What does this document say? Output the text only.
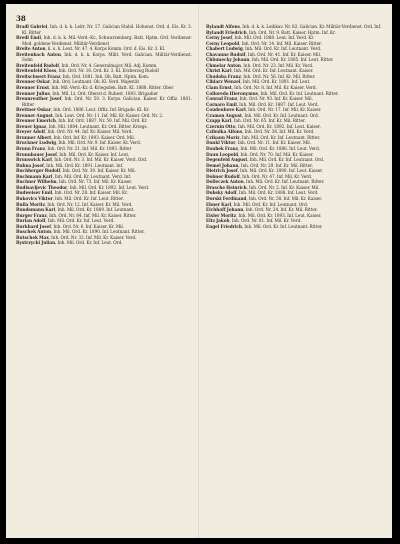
38

Bradl Gabriel, Inh. d. k. k. Leitr. Nr. 17. Galician Stabil. Hohenst. Ord. d. Eis. Kr. 3. Kl. Ritter

Bredl Emil, Inh. d. k. k. Mil.-Verd.-Kr., Schwarzenberg. Batt. Hptm. Ord. Verdienst-Med. goldene Verdienst. Militär-Verdienst

Breite Anton, k. u. k. Leut. Nr. 47. 4. Korps Komm. Ord. d. Eis. Kr. 3. Kl.

Breitenbach Anton, Inh. d. k. k. Korps. Milit. Verd. Galician. Militär-Verdienst. Sohn

Breitenfeld Rudolf, Inh. Ord. Nr. 4. Generalmajor. Mil. Adj. Komm.

Breitenfeld Kloss, Inh. Ord. Nr. 16. Ord. Kr. 3. Kl. Erzherzog Rudolf

Breitschwert Franz, Inh. Ord. 1881. Inh. Ob. Batt. Hptm. Kom.

Brenner Oskar, Inh. Ord. Leutnant. Ob. Kl. Verd. Majestät

Brenner Ernst, Inh. Mil.-Verd.-Kr. d. Kriegsdek. Batt. Kl. 1888. Ritter. Ober

Brenner Julius, Inh. Mil. Lt. Ord. Oberst d. Ruhest. 1893. Brigadier

Brennreuther Josef, Inh. Ord. Nr. 50. 3. Korps. Galician. Kaiser. Kr. Offiz. 1881. Ritter

Brettner Oskar, Inh. Ord. 1886. Leut. Offiz. Inf. Brigade. Kl. Kr.

Brenner August, Inh. Leut. Ord. Nr. 11. Inf. Mil. Kr. Kaiser. Ord. Nr. 2.

Breuner Emerich, Inh. Inf. Ord. 1887. Nr. 59. Inf. Mil. Ord. Kr.

Breuer Ignaz, Inh. Mil. 1884. Leutnant. Kr. Ord. Ritter. Kriegs.

Breyer Adolf, Inh. Ord. Nr. 44. Inf. Kr. Kaiser. Mil. Verd.

Brunner Albert, Inh. Ord. Inf. Kr. 1893. Kaiser. Ord. Mil.

Bruckner Ludwig, Inh. Mil. Ord. Nr. 9. Inf. Kaiser. Kr. Verd.

Brunn Franz, Inh. Ord. Nr. 21. Inf. Mil. Kr. 1893. Ritter

Brunnbauer Josef, Inh. Mil. Ord. Kr. Kaiser. Inf. Leut.

Brunswick Karl, Inh. Ord. Nr. 3. Inf. Mil. Kr. Kaiser. Verd. Ord.

Bubna Josef, Inh. Mil. Ord. Kr. 1891. Leutnant. Inf.

Buchberger Rudolf, Inh. Ord. Nr. 39. Inf. Kaiser. Kr. Mil.

Buchmann Karl, Inh. Mil. Ord. Kr. Leutnant. Verd. Inf.

Buchner Wilhelm, Inh. Ord. Nr. 73. Inf. Mil. Kr. Kaiser.

Budisavljevic Theodor, Inh. Mil. Ord. Kr. 1892. Inf. Leut. Verd.

Budweiser Emil, Inh. Ord. Nr. 28. Inf. Kaiser. Mil. Kr.

Bukovics Viktor, Inh. Mil. Ord. Kr. Inf. Leut. Ritter.

Bulla Moritz, Inh. Ord. Nr. 12. Inf. Kaiser. Kr. Mil. Verd.

Bundsmann Karl, Inh. Mil. Ord. Kr. 1889. Inf. Leutnant.

Burger Franz, Inh. Ord. Nr. 84. Inf. Mil. Kr. Kaiser. Ritter.

Burian Adolf, Inh. Mil. Ord. Kr. Inf. Leut. Verd.

Burkhard Josef, Inh. Ord. Nr. 6. Inf. Kaiser. Kr. Mil.

Buschek Anton, Inh. Mil. Ord. Kr. 1890. Inf. Leutnant. Ritter.

Butschek Max, Inh. Ord. Nr. 33. Inf. Mil. Kr. Kaiser. Verd.

Bystrzycki Julian, Inh. Mil. Ord. Kr. Inf. Leut. Ord.

Bylandt Alfons, Inh. d. k. k. Leibkav. Nr. 82. Galician. Kr. Militär-Verdienst. Ord. Inf.

Bylandt Friedrich, Inh. Ord. Nr. 9. Batt. Kaiser. Hptm. Inf. Kr.

Cerny Josef, Inh. Mil. Ord. 1888. Leut. Inf. Verd. Kr.

Cerny Leopold, Inh. Ord. Nr. 14. Inf. Mil. Kaiser. Ritter.

Chabert Ludwig, Inh. Mil. Ord. Kr. Inf. Leutnant. Verd.

Chavanne Rudolf, Inh. Ord. Nr. 41. Inf. Kr. Kaiser. Mil.

Chlumecky Johann, Inh. Mil. Ord. Kr. 1885. Inf. Leut. Ritter.

Chmelar Anton, Inh. Ord. Nr. 23. Inf. Mil. Kr. Verd.

Christ Karl, Inh. Mil. Ord. Kr. Inf. Leutnant. Kaiser.

Chudoba Franz, Inh. Ord. Nr. 56. Inf. Kr. Mil. Ritter.

Cihlarz Wenzel, Inh. Mil. Ord. Kr. 1891. Inf. Leut.

Clam Ernst, Inh. Ord. Nr. 8. Inf. Mil. Kr. Kaiser. Verd.

Colloredo Hieronymus, Inh. Mil. Ord. Kr. Inf. Leutnant. Ritter.

Conrad Franz, Inh. Ord. Nr. 93. Inf. Kr. Kaiser. Mil.

Cornaro Emil, Inh. Mil. Ord. Kr. 1887. Inf. Leut. Verd.

Coudenhove Karl, Inh. Ord. Nr. 17. Inf. Mil. Kr. Kaiser.

Cramon August, Inh. Mil. Ord. Kr. Inf. Leutnant. Ord.

Czapp Karl, Inh. Ord. Nr. 65. Inf. Kr. Mil. Ritter.

Czernin Otto, Inh. Mil. Ord. Kr. 1892. Inf. Leut. Kaiser.

Czibulka Alfons, Inh. Ord. Nr. 36. Inf. Mil. Kr. Verd.

Czikann Moriz, Inh. Mil. Ord. Kr. Inf. Leutnant. Ritter.

Dankl Viktor, Inh. Ord. Nr. 11. Inf. Kr. Kaiser. Mil.

Daubek Franz, Inh. Mil. Ord. Kr. 1886. Inf. Leut. Verd.

Daun Leopold, Inh. Ord. Nr. 70. Inf. Mil. Kr. Kaiser.

Degenfeld August, Inh. Mil. Ord. Kr. Inf. Leutnant. Ord.

Demel Johann, Inh. Ord. Nr. 29. Inf. Kr. Mil. Ritter.

Dietrich Josef, Inh. Mil. Ord. Kr. 1890. Inf. Leut. Kaiser.

Dobner Rudolf, Inh. Ord. Nr. 47. Inf. Mil. Kr. Verd.

Dolleczek Anton, Inh. Mil. Ord. Kr. Inf. Leutnant. Ritter.

Drasche Heinrich, Inh. Ord. Nr. 2. Inf. Kr. Kaiser. Mil.

Dubsky Adolf, Inh. Mil. Ord. Kr. 1888. Inf. Leut. Verd.

Durski Ferdinand, Inh. Ord. Nr. 58. Inf. Mil. Kr. Kaiser.

Ebner Karl, Inh. Mil. Ord. Kr. Inf. Leutnant. Ord.

Eichhoff Johann, Inh. Ord. Nr. 24. Inf. Kr. Mil. Ritter.

Eisler Moritz, Inh. Mil. Ord. Kr. 1893. Inf. Leut. Kaiser.

Eltz Jakob, Inh. Ord. Nr. 81. Inf. Mil. Kr. Verd.

Engel Friedrich, Inh. Mil. Ord. Kr. Inf. Leutnant. Ritter.
